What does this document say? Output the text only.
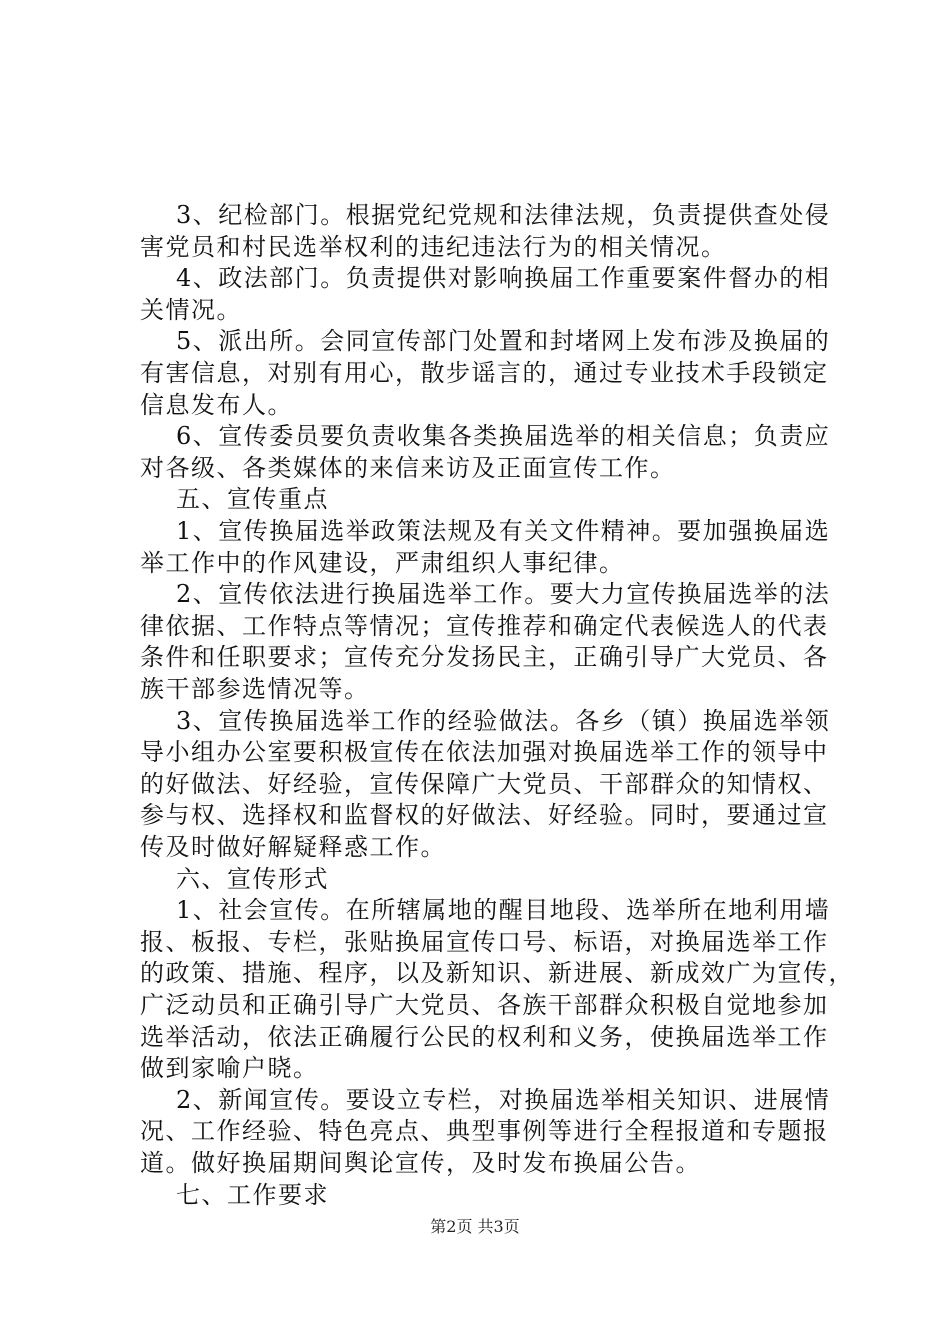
3、纪检部门。根据党纪党规和法律法规，负责提供查处侵
害党员和村民选举权利的违纪违法行为的相关情况。
4、政法部门。负责提供对影响换届工作重要案件督办的相
关情况。
5、派出所。会同宣传部门处置和封堵网上发布涉及换届的
有害信息，对别有用心，散步谣言的，通过专业技术手段锁定
信息发布人。
6、宣传委员要负责收集各类换届选举的相关信息；负责应
对各级、各类媒体的来信来访及正面宣传工作。
五、宣传重点
1、宣传换届选举政策法规及有关文件精神。要加强换届选
举工作中的作风建设，严肃组织人事纪律。
2、宣传依法进行换届选举工作。要大力宣传换届选举的法
律依据、工作特点等情况；宣传推荐和确定代表候选人的代表
条件和任职要求；宣传充分发扬民主，正确引导广大党员、各
族干部参选情况等。
3、宣传换届选举工作的经验做法。各乡（镇）换届选举领
导小组办公室要积极宣传在依法加强对换届选举工作的领导中
的好做法、好经验，宣传保障广大党员、干部群众的知情权、
参与权、选择权和监督权的好做法、好经验。同时，要通过宣
传及时做好解疑释惑工作。
六、宣传形式
1、社会宣传。在所辖属地的醒目地段、选举所在地利用墙
报、板报、专栏，张贴换届宣传口号、标语，对换届选举工作
的政策、措施、程序，以及新知识、新进展、新成效广为宣传，
广泛动员和正确引导广大党员、各族干部群众积极自觉地参加
选举活动，依法正确履行公民的权利和义务，使换届选举工作
做到家喻户晓。
2、新闻宣传。要设立专栏，对换届选举相关知识、进展情
况、工作经验、特色亮点、典型事例等进行全程报道和专题报
道。做好换届期间舆论宣传，及时发布换届公告。
七、工作要求
第2页 共3页
